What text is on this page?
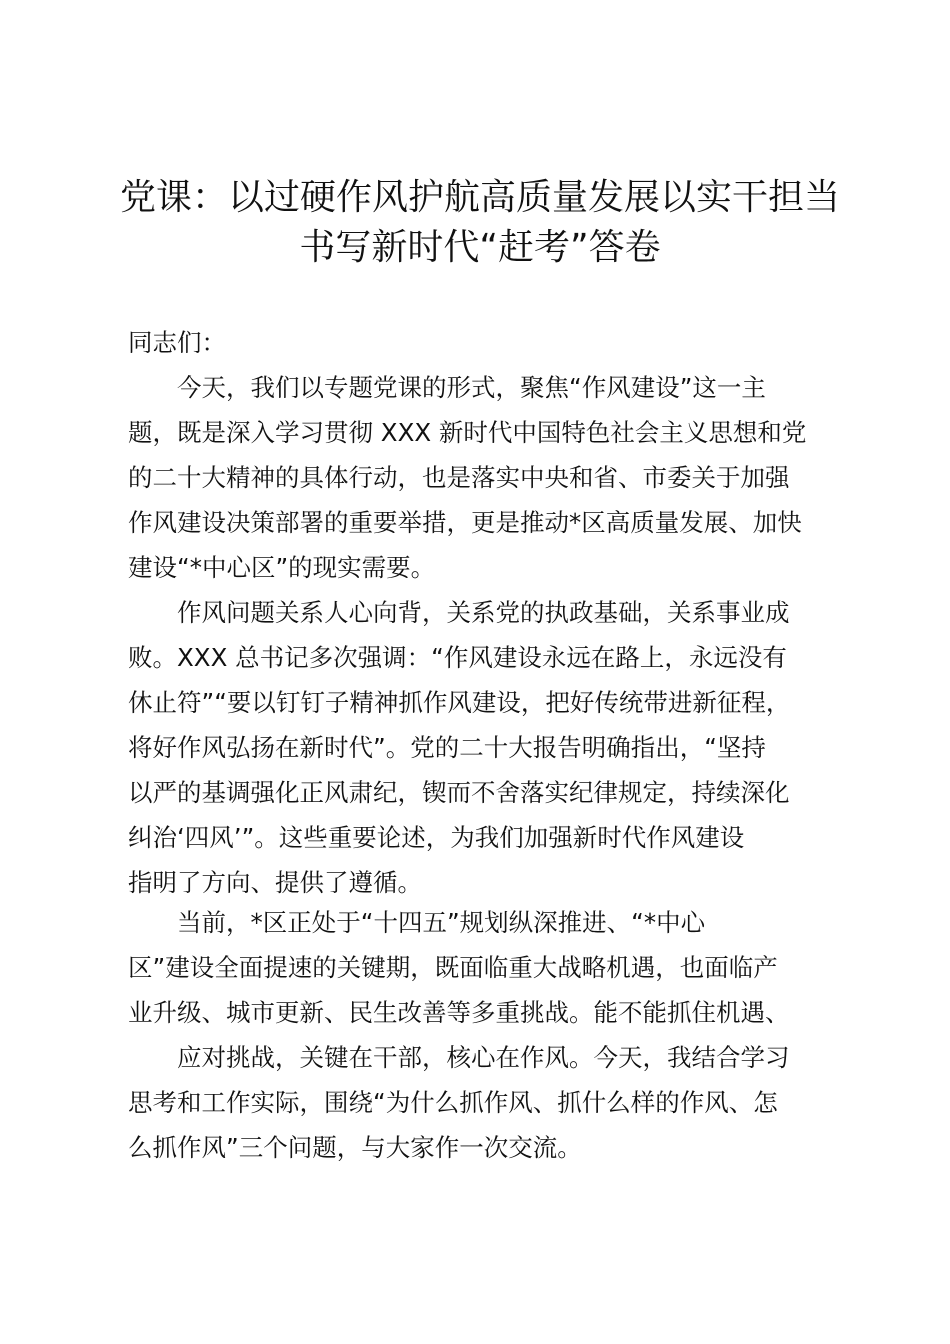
党课：以过硬作风护航高质量发展以实干担当
书写新时代“赶考”答卷
同志们：
今天，我们以专题党课的形式，聚焦“作风建设”这一主
题，既是深入学习贯彻 XXX 新时代中国特色社会主义思想和党
的二十大精神的具体行动，也是落实中央和省、市委关于加强
作风建设决策部署的重要举措，更是推动*区高质量发展、加快
建设“*中心区”的现实需要。
作风问题关系人心向背，关系党的执政基础，关系事业成
败。XXX 总书记多次强调：“作风建设永远在路上，永远没有
休止符”“要以钉钉子精神抓作风建设，把好传统带进新征程，
将好作风弘扬在新时代”。党的二十大报告明确指出，“坚持
以严的基调强化正风肃纪，锲而不舍落实纪律规定，持续深化
纠治‘四风’”。这些重要论述，为我们加强新时代作风建设
指明了方向、提供了遵循。
当前，*区正处于“十四五”规划纵深推进、“*中心
区”建设全面提速的关键期，既面临重大战略机遇，也面临产
业升级、城市更新、民生改善等多重挑战。能不能抓住机遇、
应对挑战，关键在干部，核心在作风。今天，我结合学习
思考和工作实际，围绕“为什么抓作风、抓什么样的作风、怎
么抓作风”三个问题，与大家作一次交流。
